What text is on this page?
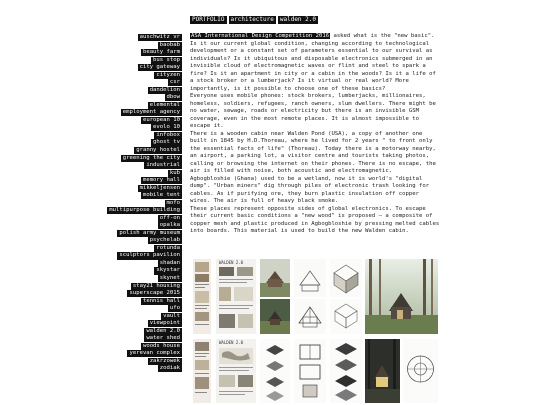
PORTFOLIO architecture walden 2.0
auschwitz vr
baobab
beauty farm
bus stop
city gateway
cityzen
csr
dandelion
dbow
elemental
employment agency
european 10
evolo 10
infobox
ghost tv
granny hostel
greening the city
industrial
kub
memory hall
mikkeljensen
mobile tent
mofo
multipurpose building
off-on
opalka
polish army museum
psychelab
rotunda
sculptors pavilion
shadan
skystar
skynet
stay21 housing
superscape 2015
tennis hall
ufo
vault
viewpoint
walden 2.0
water shed
woods house
yerevan complex
zakrzowek
zodiak

ASA International Design Competition 2016 asked what is the "new basic". Is it our current global condition, changing according to technological development or a constant set of parameters essential to our survival as individuals? Is it ubiquitous and disposable electronics submerged in an invisible cloud of electromagnetic waves or flint and steel to spark a fire? Is it an apartment in city or a cabin in the woods? Is it a life of a stock broker or a lumberjack? Is it virtual or real world? More importantly, is it possible to choose one of these basics?

Everyone uses mobile phones: stock brokers, lumberjacks, millionaires, homeless, soldiers, refugees, ranch owners, slum dwellers. There might be no water, sewage, roads or electricity but there is an invisible GSM coverage, even in the most remote places. It is almost impossible to escape it.

There is a wooden cabin near Walden Pond (USA), a copy of another one built in 1845 by H.D.Thoreau, where he lived for 2 years " to front only the essential facts of life" (Thoreau). Today there is a motorway nearby, an airport, a parking lot, a visitor centre and tourists taking photos, calling or browsing the internet on their phones. There is no escape, the air is filled with noise, both acoustic and electromagnetic.

Agbogbloshie (Ghana) used to be a wetland, now it is world's "digital dump". "Urban miners" dig through piles of electronic trash looking for cables. As if purifying ore, they burn plastic insulation off copper wires. The air is full of heavy black smoke.

These places represent opposite sides of global electronics. To escape their current basic conditions a "new wood" is proposed – a composite of copper mesh and plastic produced in Agbogbloshie by pressing melted cables into boards. This material is used to build the new Walden cabin.

WALDEN 2.0
WALDEN 2.0
